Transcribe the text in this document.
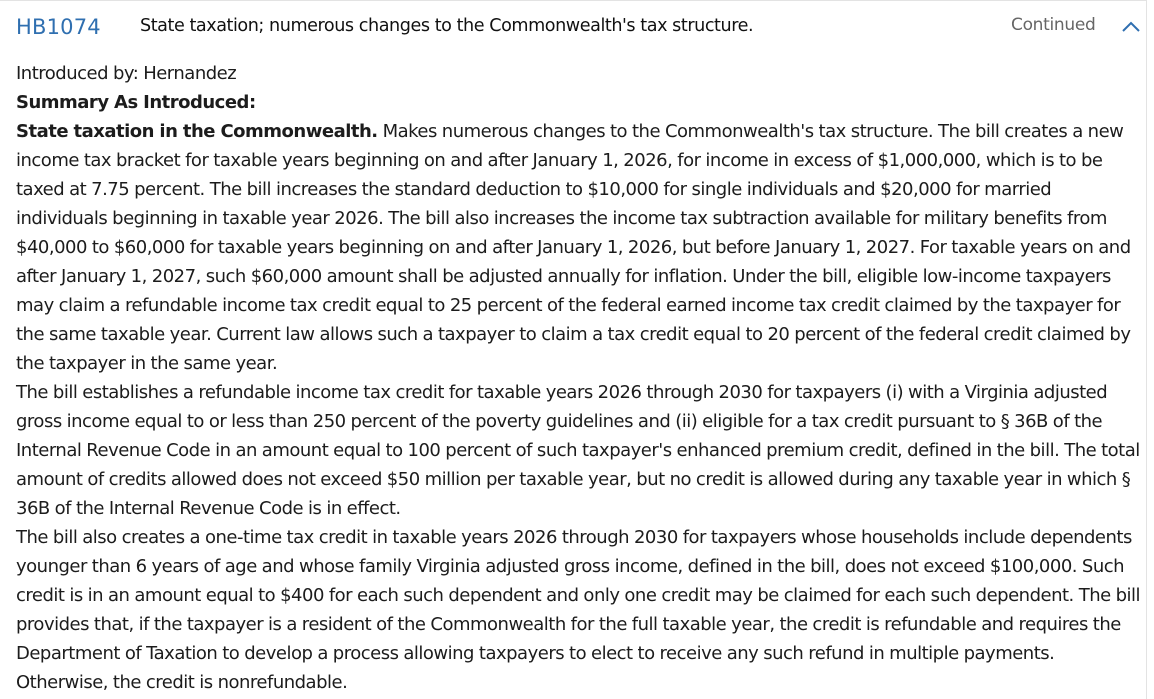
HB1074 State taxation; numerous changes to the Commonwealth's tax structure.	Continued

Introduced by: Hernandez

Summary As Introduced:

State taxation in the Commonwealth. Makes numerous changes to the Commonwealth's tax structure. The bill creates a new income tax bracket for taxable years beginning on and after January 1, 2026, for income in excess of $1,000,000, which is to be taxed at 7.75 percent. The bill increases the standard deduction to $10,000 for single individuals and $20,000 for married individuals beginning in taxable year 2026. The bill also increases the income tax subtraction available for military benefits from $40,000 to $60,000 for taxable years beginning on and after January 1, 2026, but before January 1, 2027. For taxable years on and after January 1, 2027, such $60,000 amount shall be adjusted annually for inflation. Under the bill, eligible low-income taxpayers may claim a refundable income tax credit equal to 25 percent of the federal earned income tax credit claimed by the taxpayer for the same taxable year. Current law allows such a taxpayer to claim a tax credit equal to 20 percent of the federal credit claimed by the taxpayer in the same year.

The bill establishes a refundable income tax credit for taxable years 2026 through 2030 for taxpayers (i) with a Virginia adjusted gross income equal to or less than 250 percent of the poverty guidelines and (ii) eligible for a tax credit pursuant to § 36B of the Internal Revenue Code in an amount equal to 100 percent of such taxpayer's enhanced premium credit, defined in the bill. The total amount of credits allowed does not exceed $50 million per taxable year, but no credit is allowed during any taxable year in which § 36B of the Internal Revenue Code is in effect.

The bill also creates a one-time tax credit in taxable years 2026 through 2030 for taxpayers whose households include dependents younger than 6 years of age and whose family Virginia adjusted gross income, defined in the bill, does not exceed $100,000. Such credit is in an amount equal to $400 for each such dependent and only one credit may be claimed for each such dependent. The bill provides that, if the taxpayer is a resident of the Commonwealth for the full taxable year, the credit is refundable and requires the Department of Taxation to develop a process allowing taxpayers to elect to receive any such refund in multiple payments. Otherwise, the credit is nonrefundable.
